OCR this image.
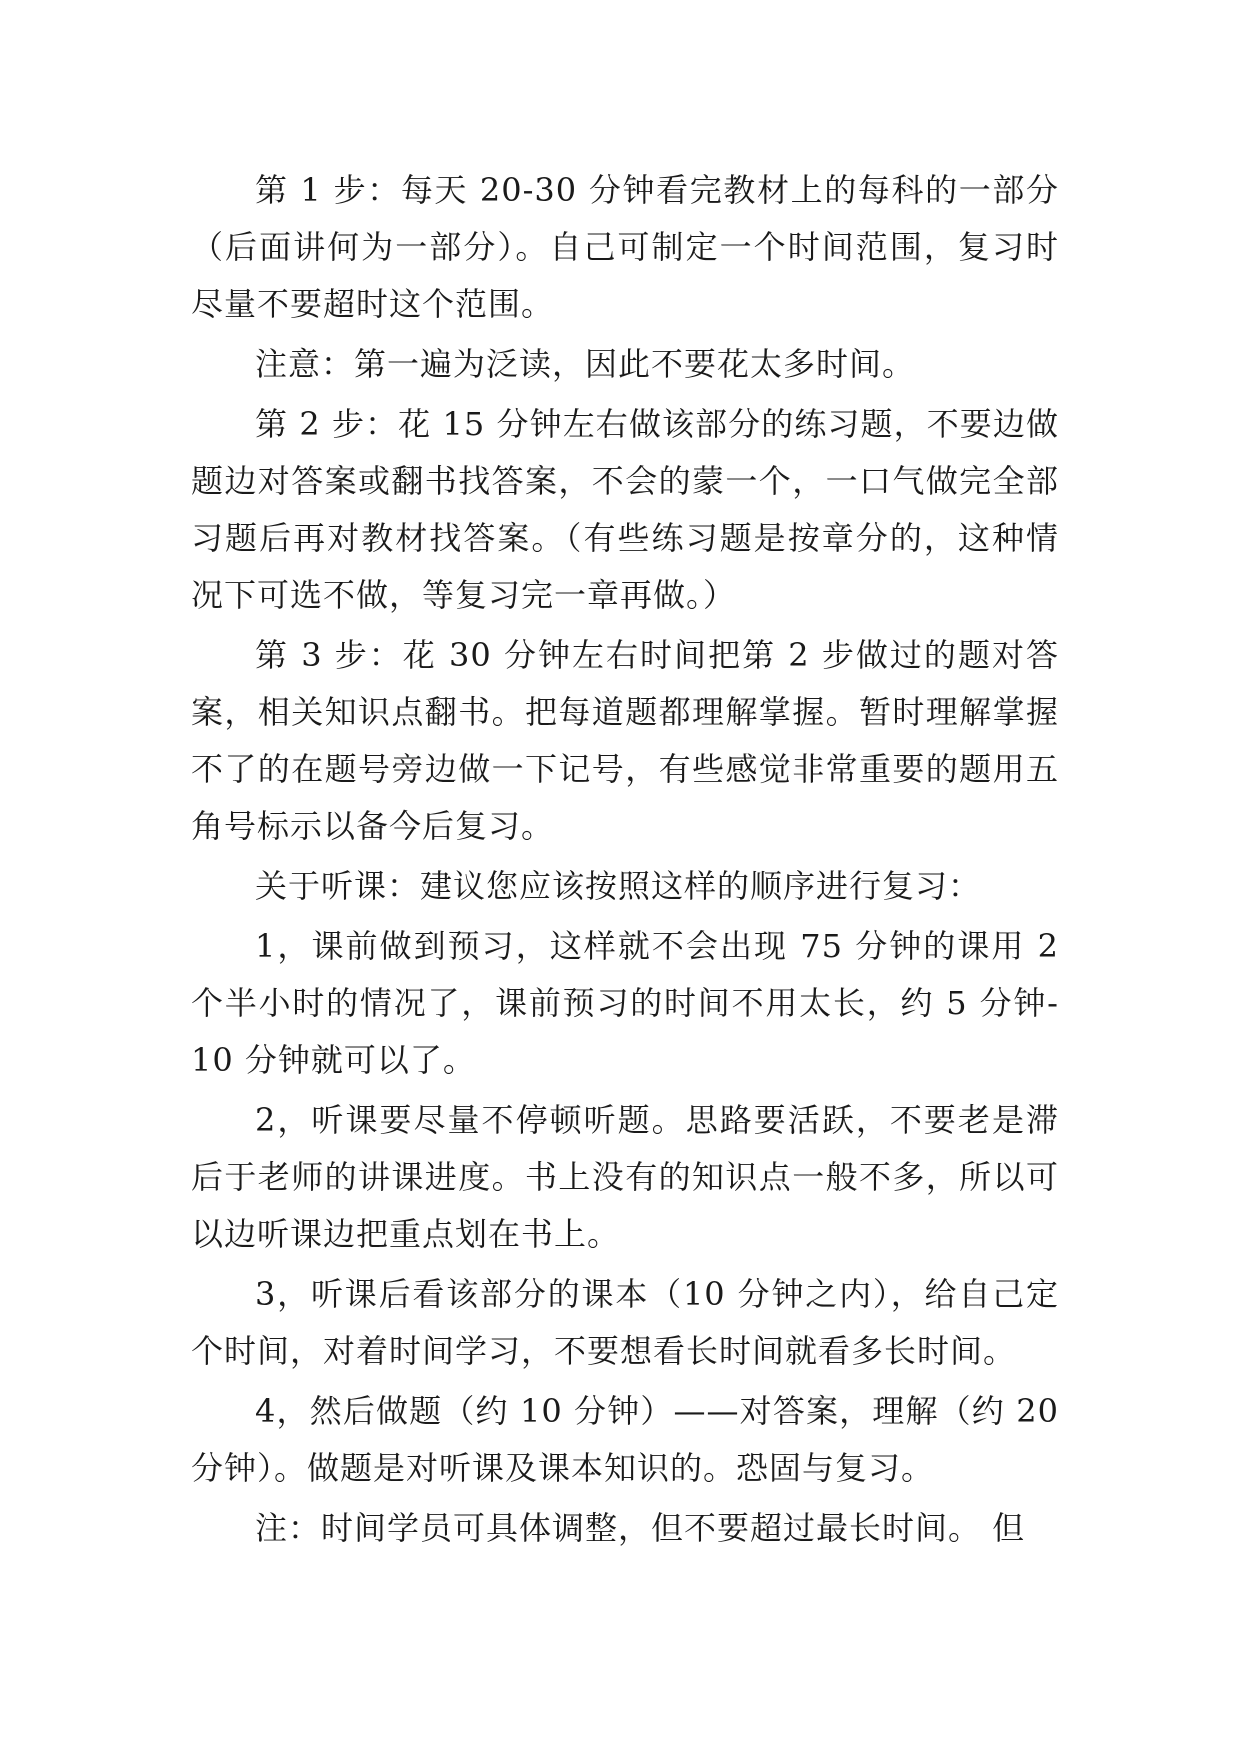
第 1 步：每天 20-30 分钟看完教材上的每科的一部分（后面讲何为一部分）。自己可制定一个时间范围，复习时尽量不要超时这个范围。

注意：第一遍为泛读，因此不要花太多时间。

第 2 步：花 15 分钟左右做该部分的练习题，不要边做题边对答案或翻书找答案，不会的蒙一个，一口气做完全部习题后再对教材找答案。（有些练习题是按章分的，这种情况下可选不做，等复习完一章再做。）

第 3 步：花 30 分钟左右时间把第 2 步做过的题对答案，相关知识点翻书。把每道题都理解掌握。暂时理解掌握不了的在题号旁边做一下记号，有些感觉非常重要的题用五角号标示以备今后复习。

关于听课：建议您应该按照这样的顺序进行复习：

1，课前做到预习，这样就不会出现 75 分钟的课用 2 个半小时的情况了，课前预习的时间不用太长，约 5 分钟-10 分钟就可以了。

2，听课要尽量不停顿听题。思路要活跃，不要老是滞后于老师的讲课进度。书上没有的知识点一般不多，所以可以边听课边把重点划在书上。

3，听课后看该部分的课本（10 分钟之内），给自己定个时间，对着时间学习，不要想看长时间就看多长时间。

4，然后做题（约 10 分钟）——对答案，理解（约 20 分钟）。做题是对听课及课本知识的。恐固与复习。

注：时间学员可具体调整，但不要超过最长时间。 但
